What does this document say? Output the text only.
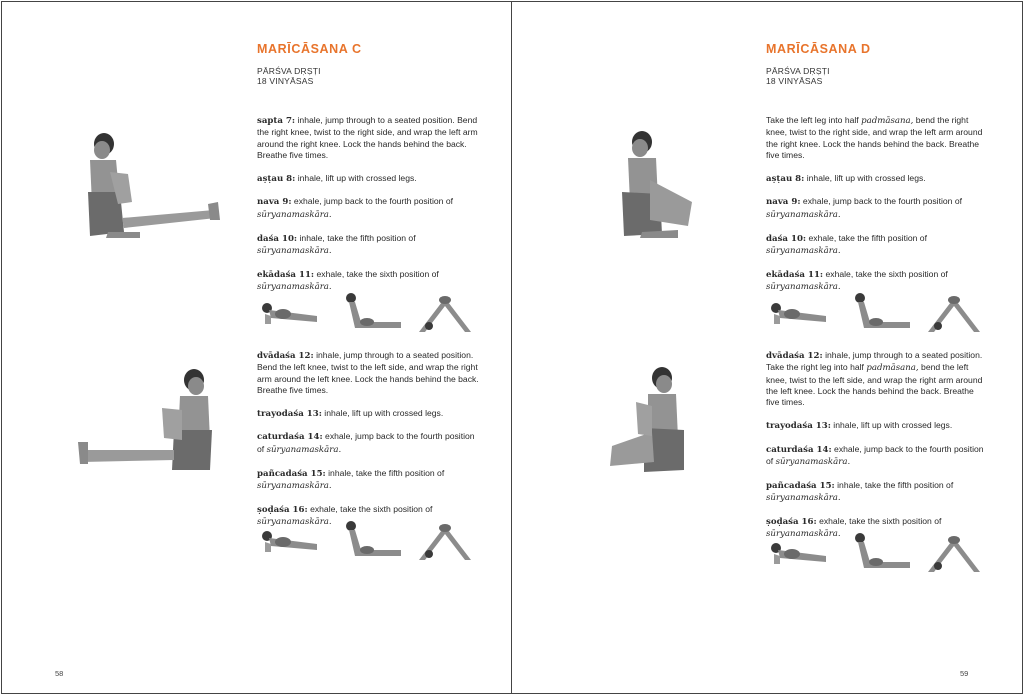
MARĪCĀSANA C
PĀRŚVA DṚṢṬI
18 VINYĀSAS

sapta 7: inhale, jump through to a seated position. Bend the right knee, twist to the right side, and wrap the left arm around the right knee. Lock the hands behind the back. Breathe five times.

aṣṭau 8: inhale, lift up with crossed legs.

nava 9: exhale, jump back to the fourth position of sūryanamaskāra.

daśa 10: inhale, take the fifth position of sūryanamaskāra.

ekādaśa 11: exhale, take the sixth position of sūryanamaskāra.

dvādaśa 12: inhale, jump through to a seated position. Bend the left knee, twist to the left side, and wrap the right arm around the left knee. Lock the hands behind the back. Breathe five times.

trayodaśa 13: inhale, lift up with crossed legs.

caturdaśa 14: exhale, jump back to the fourth position of sūryanamaskāra.

pañcadaśa 15: inhale, take the fifth position of sūryanamaskāra.

ṣoḍaśa 16: exhale, take the sixth position of sūryanamaskāra.

58
MARĪCĀSANA D
PĀRŚVA DṚṢṬI
18 VINYĀSAS

Take the left leg into half padmāsana, bend the right knee, twist to the right side, and wrap the left arm around the right knee. Lock the hands behind the back. Breathe five times.

aṣṭau 8: inhale, lift up with crossed legs.

nava 9: exhale, jump back to the fourth position of sūryanamaskāra.

daśa 10: exhale, take the fifth position of sūryanamaskāra.

ekādaśa 11: exhale, take the sixth position of sūryanamaskāra.

dvādaśa 12: inhale, jump through to a seated position. Take the right leg into half padmāsana, bend the left knee, twist to the left side, and wrap the right arm around the left knee. Lock the hands behind the back. Breathe five times.

trayodaśa 13: inhale, lift up with crossed legs.

caturdaśa 14: exhale, jump back to the fourth position of sūryanamaskāra.

pañcadaśa 15: inhale, take the fifth position of sūryanamaskāra.

ṣoḍaśa 16: exhale, take the sixth position of sūryanamaskāra.

59
